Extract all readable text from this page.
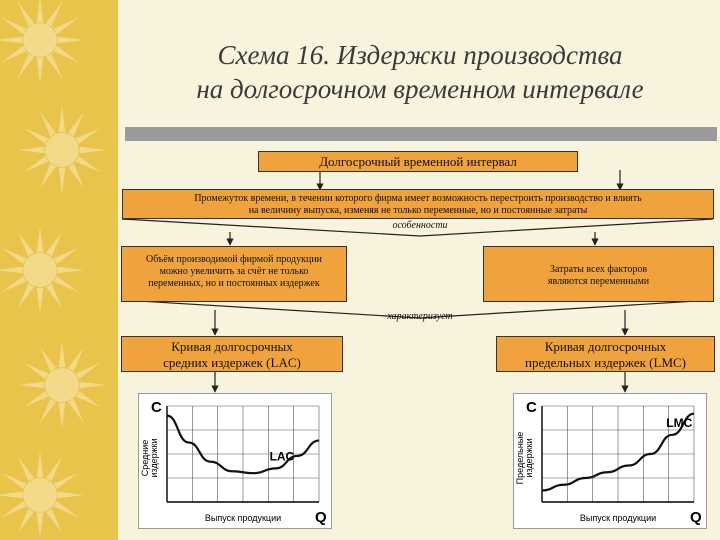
Схема 16. Издержки производства
на долгосрочном временном интервале
Долгосрочный временной интервал
Промежуток времени, в течении которого фирма имеет возможность перестроить производство и влиять
на величину выпуска, изменяя не только переменные, но и постоянные затраты
особенности
Объём производимой фирмой продукции
можно увеличить за счёт не только
переменных, но и постоянных издержек
Затраты всех факторов
являются переменными
характеризует
Кривая долгосрочных
средних издержек (LAC)
Кривая долгосрочных
предельных издержек (LMC)
C
Q
Выпуск продукции
Средние издержки	LAC
C
Q
Выпуск продукции
Предельные издержки
LMC
